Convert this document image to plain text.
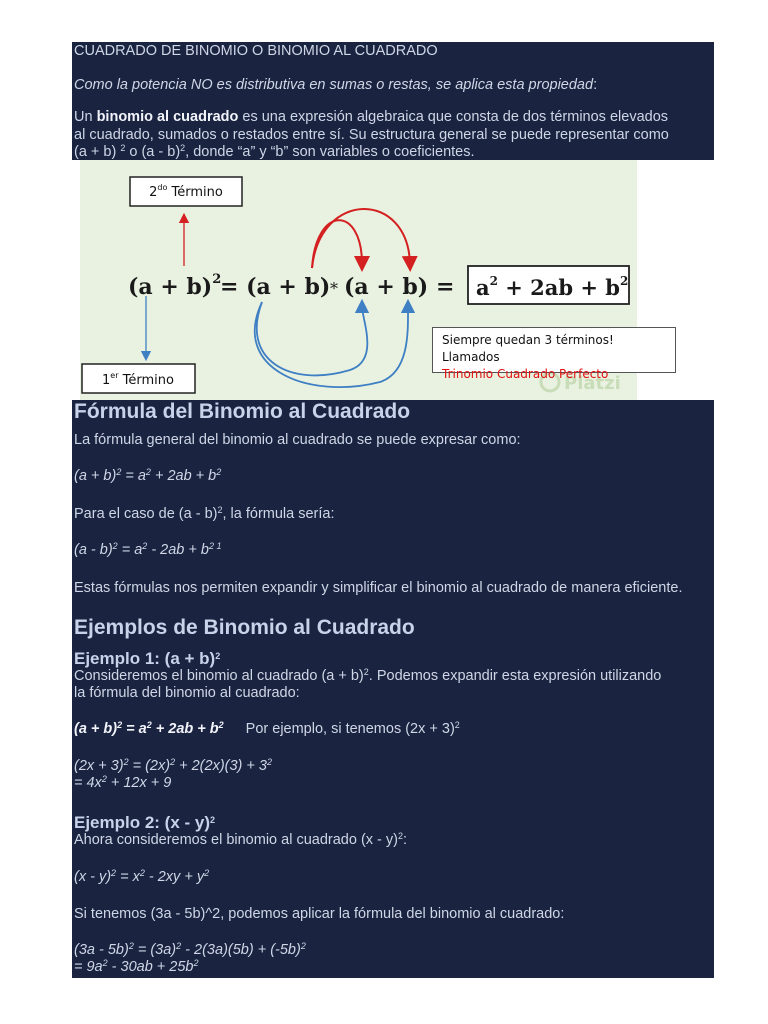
CUADRADO DE BINOMIO O BINOMIO AL CUADRADO
Como la potencia NO es distributiva en sumas o restas, se aplica esta propiedad:
Un binomio al cuadrado es una expresión algebraica que consta de dos términos elevados
al cuadrado, sumados o restados entre sí. Su estructura general se puede representar como
(a + b) $^2$ o (a - b)$^2$, donde “a” y “b” son variables o coeficientes.
$2^{do}$ Término
1er Término
$(a + b)^2$
= $(a + b) * (a + b) = a^2 + 2ab + b^2$
Platzi
Siempre quedan 3 términos! Llamados
Trinomio Cuadrado Perfecto
Fórmula del Binomio al Cuadrado
La fórmula general del binomio al cuadrado se puede expresar como:
$(a + b)^2 = a^2 + 2ab + b^2$
Para el caso de (a - b)$^2$, la fórmula sería:
$(a - b)^2 = a^2 - 2ab + b^{2 1}$
Estas fórmulas nos permiten expandir y simplificar el binomio al cuadrado de manera eficiente.
Ejemplos de Binomio al Cuadrado
Ejemplo 1: $(a + b)^2$
Consideremos el binomio al cuadrado $(a + b)^2$. Podemos expandir esta expresión utilizando
la fórmula del binomio al cuadrado:
$(a + b)^2 = a^2 + 2ab + b^2$ Por ejemplo, si tenemos $(2x + 3)^2$
$(2x + 3)^2 = (2x)^2 + 2(2x)(3) + 3^2$
= $4x^2 + 12x + 9$
Ejemplo 2: (x - y)$^2$
Ahora consideremos el binomio al cuadrado (x - y)$^2$:
$(x - y)^2 = x^2 - 2xy + y^2$
Si tenemos (3a - 5b)^2, podemos aplicar la fórmula del binomio al cuadrado:
$(3a - 5b)^2 = (3a)^2 - 2(3a)(5b) + (-5b)^2$
= $9a^2 - 30ab + 25b^2$
